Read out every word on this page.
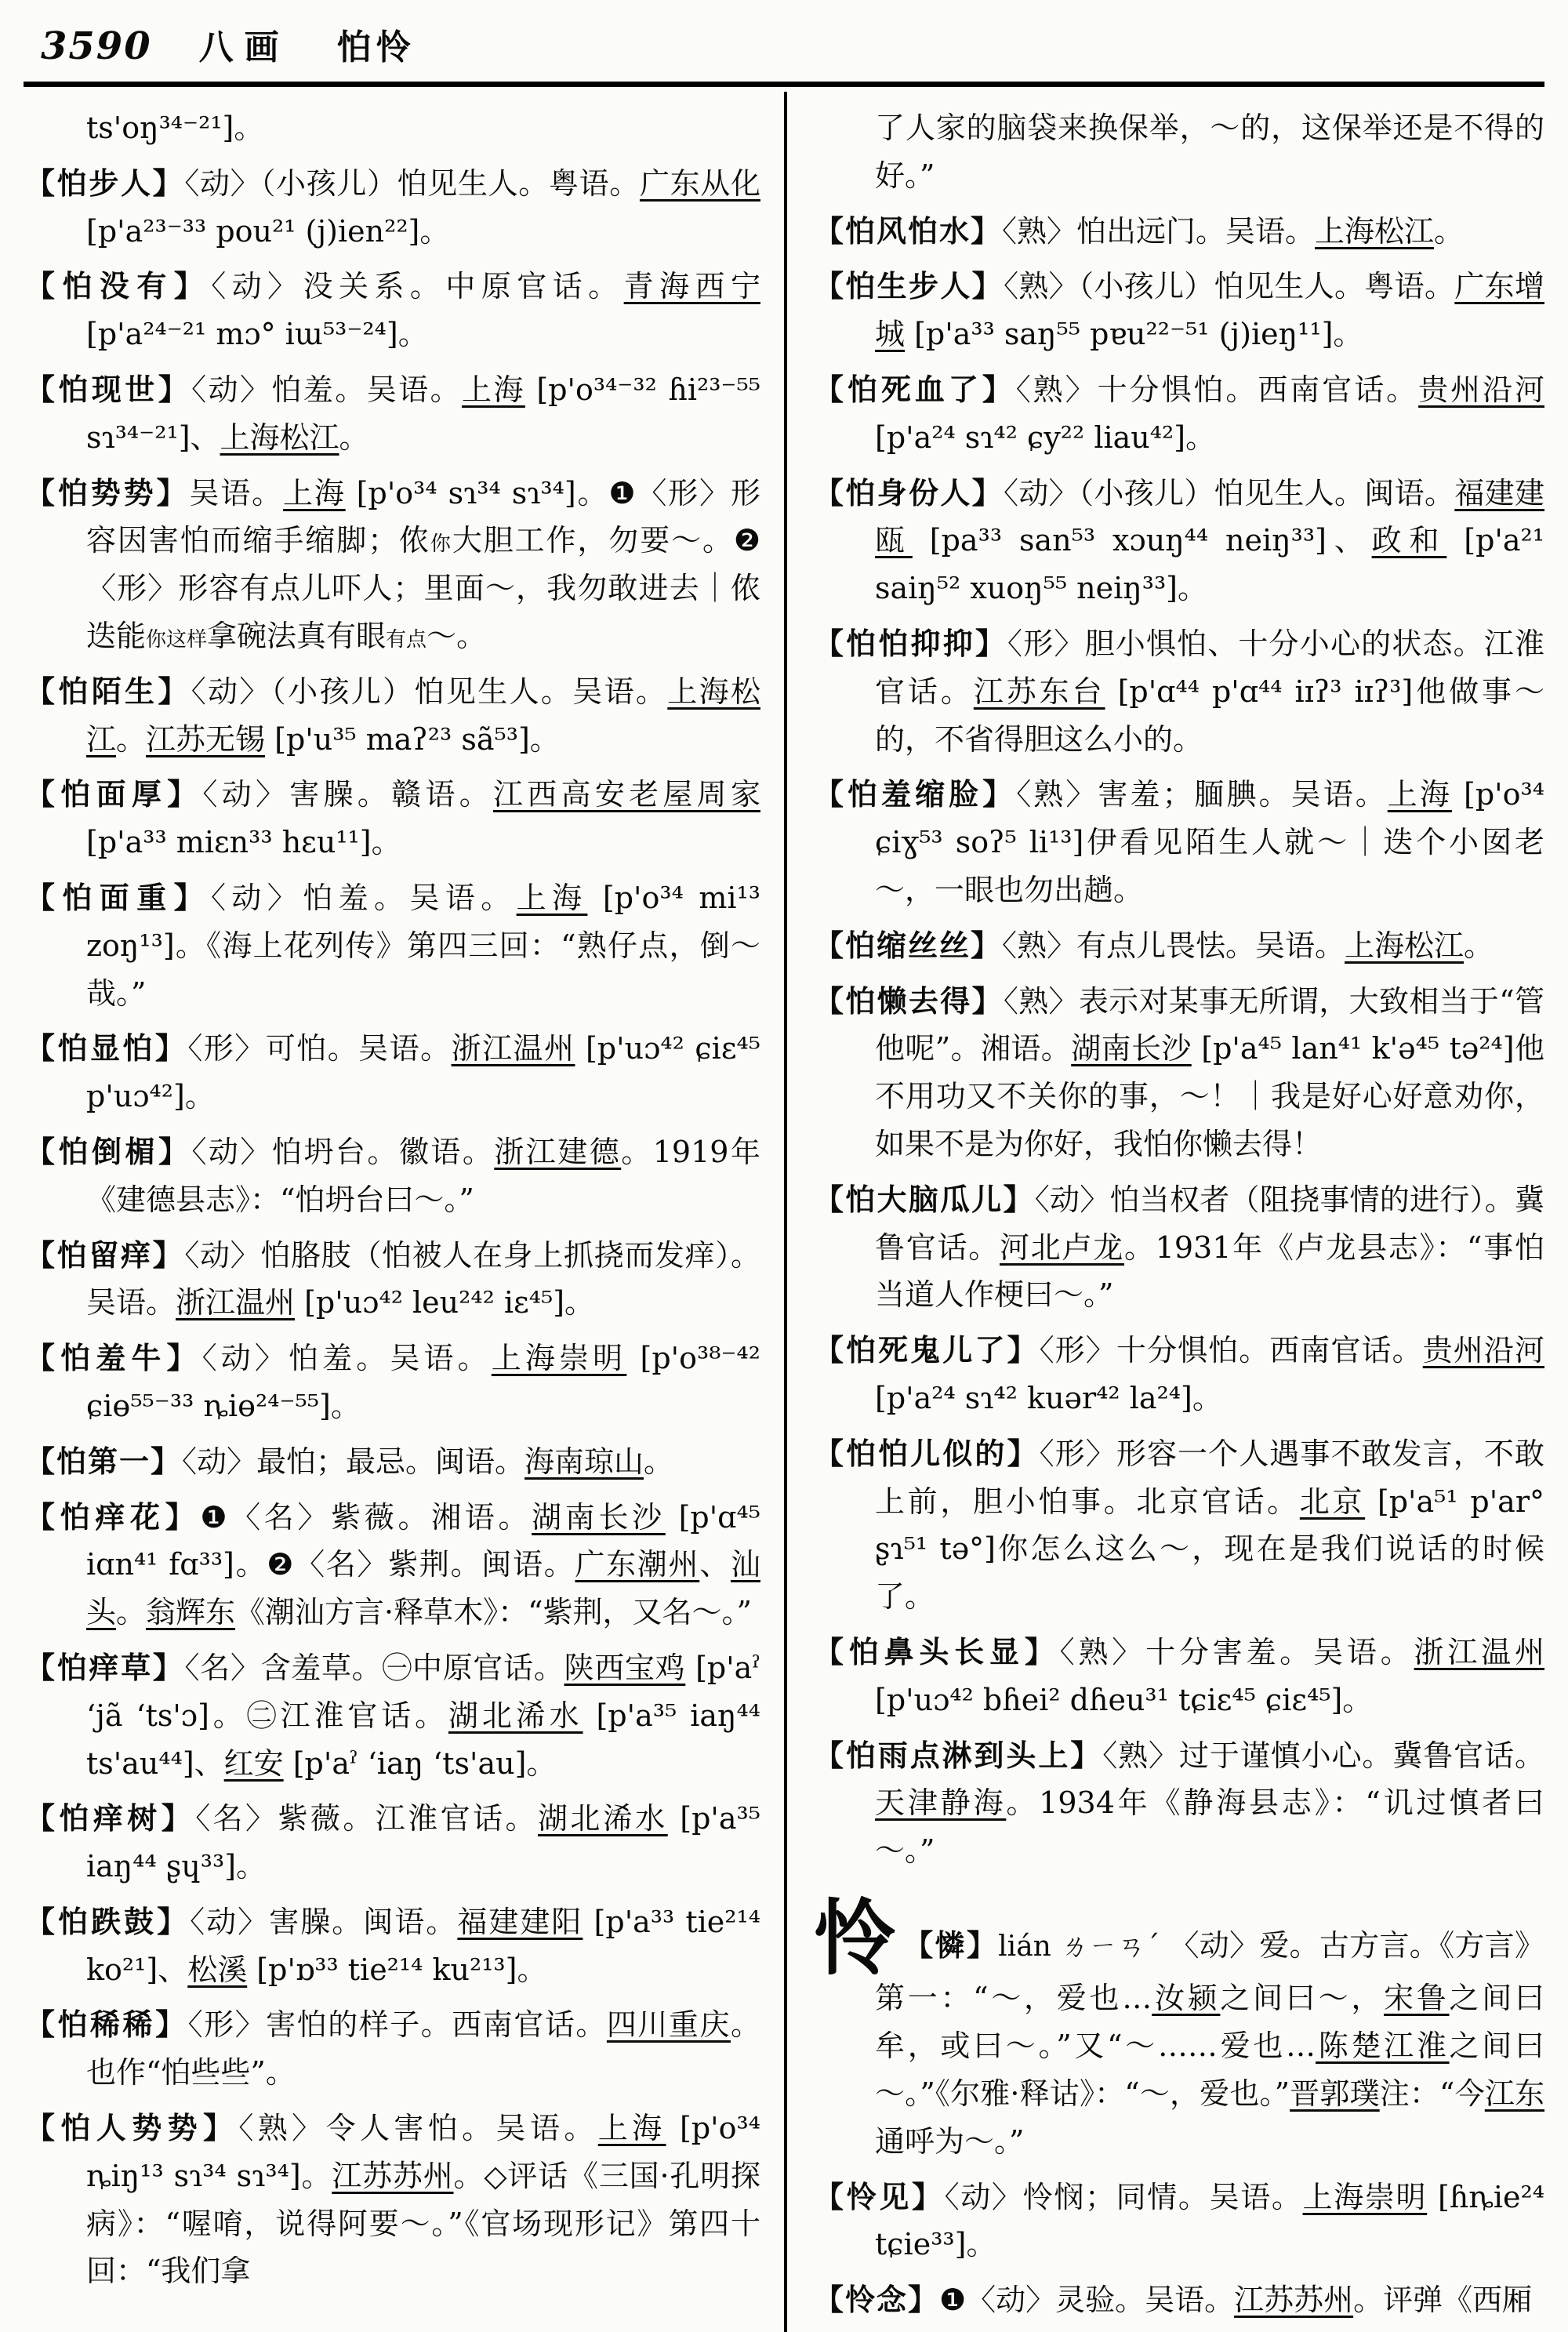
3590 八画 怕怜

ts'oŋ³⁴⁻²¹]。

【怕步人】〈动〉（小孩儿）怕见生人。粤语。广东从化 [p'a²³⁻³³ pou²¹ (j)ien²²]。

【怕没有】〈动〉没关系。中原官话。青海西宁 [p'a²⁴⁻²¹ mɔ° iɯ⁵³⁻²⁴]。

【怕现世】〈动〉怕羞。吴语。上海 [p'o³⁴⁻³² ɦi²³⁻⁵⁵ sɿ³⁴⁻²¹]、上海松江。

【怕势势】吴语。上海 [p'o³⁴ sɿ³⁴ sɿ³⁴]。❶〈形〉形容因害怕而缩手缩脚；侬你大胆工作，勿要～。❷〈形〉形容有点儿吓人；里面～，我勿敢进去｜侬迭能你这样拿碗法真有眼有点～。

【怕陌生】〈动〉（小孩儿）怕见生人。吴语。上海松江。江苏无锡 [p'u³⁵ maʔ²³ sã⁵³]。

【怕面厚】〈动〉害臊。赣语。江西高安老屋周家 [p'a³³ miɛn³³ hɛu¹¹]。

【怕面重】〈动〉怕羞。吴语。上海 [p'o³⁴ mi¹³ zoŋ¹³]。《海上花列传》第四三回：“熟仔点，倒～哉。”

【怕显怕】〈形〉可怕。吴语。浙江温州 [p'uɔ⁴² ɕiɛ⁴⁵ p'uɔ⁴²]。

【怕倒楣】〈动〉怕坍台。徽语。浙江建德。1919年《建德县志》：“怕坍台曰～。”

【怕留痒】〈动〉怕胳肢（怕被人在身上抓挠而发痒）。吴语。浙江温州 [p'uɔ⁴² leu²⁴² iɛ⁴⁵]。

【怕羞牛】〈动〉怕羞。吴语。上海崇明 [p'o³⁸⁻⁴² ɕiɵ⁵⁵⁻³³ ȵiɵ²⁴⁻⁵⁵]。

【怕第一】〈动〉最怕；最忌。闽语。海南琼山。

【怕痒花】❶〈名〉紫薇。湘语。湖南长沙 [p'ɑ⁴⁵ iɑn⁴¹ fɑ³³]。❷〈名〉紫荆。闽语。广东潮州、汕头。翁辉东《潮汕方言·释草木》：“紫荆，又名～。”

【怕痒草】〈名〉含羞草。㊀中原官话。陕西宝鸡 [p'aˀ ʻjã ʻts'ɔ]。㊁江淮官话。湖北浠水 [p'a³⁵ iaŋ⁴⁴ ts'au⁴⁴]、红安 [p'aˀ ʻiaŋ ʻts'au]。

【怕痒树】〈名〉紫薇。江淮官话。湖北浠水 [p'a³⁵ iaŋ⁴⁴ ʂɥ³³]。

【怕跌鼓】〈动〉害臊。闽语。福建建阳 [p'a³³ tie²¹⁴ ko²¹]、松溪 [p'ɒ³³ tie²¹⁴ ku²¹³]。

【怕稀稀】〈形〉害怕的样子。西南官话。四川重庆。也作“怕些些”。

【怕人势势】〈熟〉令人害怕。吴语。上海 [p'o³⁴ ȵiŋ¹³ sɿ³⁴ sɿ³⁴]。江苏苏州。◇评话《三国·孔明探病》：“喔唷，说得阿要～。”《官场现形记》第四十回：“我们拿

了人家的脑袋来换保举，～的，这保举还是不得的好。”

【怕风怕水】〈熟〉怕出远门。吴语。上海松江。

【怕生步人】〈熟〉（小孩儿）怕见生人。粤语。广东增城 [p'a³³ saŋ⁵⁵ pɐu²²⁻⁵¹ (j)ieŋ¹¹]。

【怕死血了】〈熟〉十分惧怕。西南官话。贵州沿河 [p'a²⁴ sɿ⁴² ɕy²² liau⁴²]。

【怕身份人】〈动〉（小孩儿）怕见生人。闽语。福建建瓯 [pa³³ san⁵³ xɔuŋ⁴⁴ neiŋ³³]、政和 [p'a²¹ saiŋ⁵² xuoŋ⁵⁵ neiŋ³³]。

【怕怕抑抑】〈形〉胆小惧怕、十分小心的状态。江淮官话。江苏东台 [p'ɑ⁴⁴ p'ɑ⁴⁴ iɪʔ³ iɪʔ³]他做事～的，不省得胆这么小的。

【怕羞缩脸】〈熟〉害羞；腼腆。吴语。上海 [p'o³⁴ ɕiɣ⁵³ soʔ⁵ li¹³]伊看见陌生人就～｜迭个小囡老～，一眼也勿出趟。

【怕缩丝丝】〈熟〉有点儿畏怯。吴语。上海松江。

【怕懒去得】〈熟〉表示对某事无所谓，大致相当于“管他呢”。湘语。湖南长沙 [p'a⁴⁵ lan⁴¹ k'ə⁴⁵ tə²⁴]他不用功又不关你的事，～！｜我是好心好意劝你，如果不是为你好，我怕你懒去得！

【怕大脑瓜儿】〈动〉怕当权者（阻挠事情的进行）。冀鲁官话。河北卢龙。1931年《卢龙县志》：“事怕当道人作梗曰～。”

【怕死鬼儿了】〈形〉十分惧怕。西南官话。贵州沿河 [p'a²⁴ sɿ⁴² kuər⁴² la²⁴]。

【怕怕儿似的】〈形〉形容一个人遇事不敢发言，不敢上前，胆小怕事。北京官话。北京 [p'a⁵¹ p'ar° ʂɿ⁵¹ tə°]你怎么这么～，现在是我们说话的时候了。

【怕鼻头长显】〈熟〉十分害羞。吴语。浙江温州 [p'uɔ⁴² bɦei² dɦeu³¹ tɕiɛ⁴⁵ ɕiɛ⁴⁵]。

【怕雨点淋到头上】〈熟〉过于谨慎小心。冀鲁官话。天津静海。1934年《静海县志》：“讥过慎者曰～。”

怜 【憐】lián ㄌㄧㄢˊ 〈动〉爱。古方言。《方言》第一：“～，爱也…汝颍之间曰～，宋鲁之间曰牟，或曰～。”又“～……爱也…陈楚江淮之间曰～。”《尔雅·释诂》：“～，爱也。”晋郭璞注：“今江东通呼为～。”

【怜见】〈动〉怜悯；同情。吴语。上海崇明 [ɦȵie²⁴ tɕie³³]。

【怜念】❶〈动〉灵验。吴语。江苏苏州。评弹《西厢
